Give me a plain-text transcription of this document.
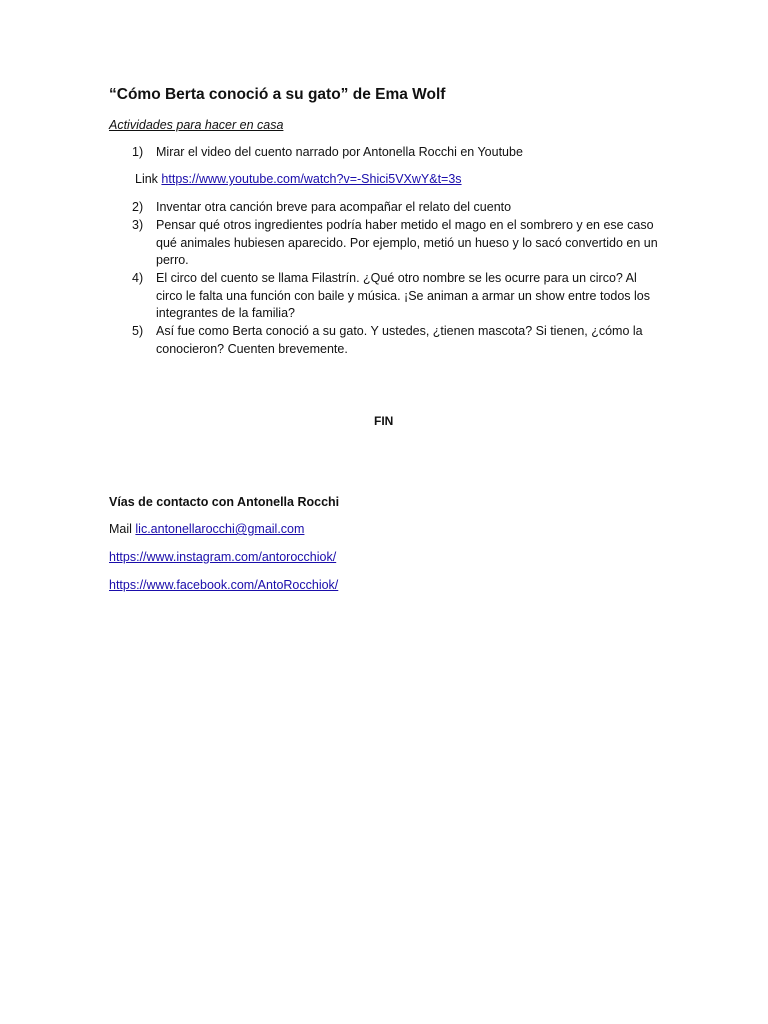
“Cómo Berta conoció a su gato” de Ema Wolf
Actividades para hacer en casa
1)	Mirar el video del cuento narrado por Antonella Rocchi en Youtube
Link https://www.youtube.com/watch?v=-Shici5VXwY&t=3s
2)	Inventar otra canción breve para acompañar el relato del cuento
3)	Pensar qué otros ingredientes podría haber metido el mago en el sombrero y en ese caso qué animales hubiesen aparecido. Por ejemplo, metió un hueso y lo sacó convertido en un perro.
4)	El circo del cuento se llama Filastrín. ¿Qué otro nombre se les ocurre para un circo? Al circo le falta una función con baile y música. ¡Se animan a armar un show entre todos los integrantes de la familia?
5)	Así fue como Berta conoció a su gato. Y ustedes, ¿tienen mascota? Si tienen, ¿cómo la conocieron? Cuenten brevemente.
FIN
Vías de contacto con Antonella Rocchi
Mail lic.antonellarocchi@gmail.com
https://www.instagram.com/antorocchiok/
https://www.facebook.com/AntoRocchiok/
